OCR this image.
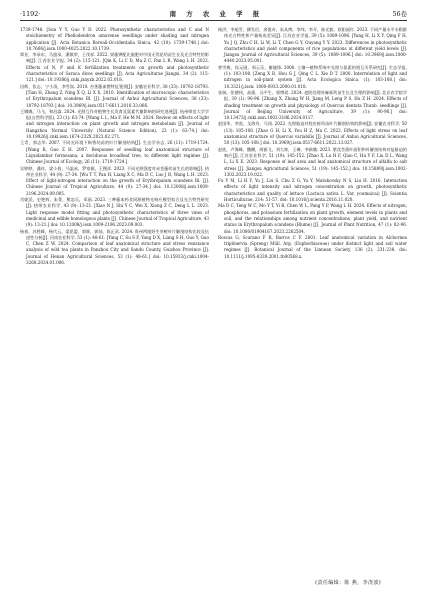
·1192·	南 方 农 业 学 报	56卷

1739-1748. [Sun Y Y, Guo Y D. 2022. Photosynthetic characteristics and C and N stoichiometry of Phellodendron amurense seedlings under shading and nitrogen application [J]. Acta Botanica Boreali-Occidentalia Sinica, 42 (10): 1739-1748.] doi: 10.7606/j.issn.1000-4025.2022.10.1739.

覃业，李承东，马盛承，潘敏荣，王茂祥. 2022. 果藤钾配比施肥对中国无忧花幼苗生长及光合特性的影响[J]. 江西农业学报, 34 (2): 115-121. [Qin K, Li C D, Ma Z C, Pan L R, Wang L H. 2022. Effects of N, P and K fertilization treatments on growth and photosynthetic characteristics of Saraca dives seedlings [J]. Acta Agriculturae Jiangxi, 34 (2): 115-121.] doi: 10.19386/j.cnki.jxnyxb.2022.02.018.

田辉，张志，宁小清，李雪岚. 2010. 杏茎藤雀猪特征鉴别[J]. 安徽农业科学, 38 (33): 18792-18793. [Tian H, Zhang Z, Ning X Q, Li X X. 2010. Identification of microscopic characteristics of Erythropalum scandens Bl. [J]. Journal of Anhui Agricultural Sciences, 38 (33): 18792-18793.] doi: 10.3969/j.issn.0517-6611.2010.33.066.

王娜娜，马飞，和昌淼. 2024. 光照互作对植物生长发育及氮素代谢影响的研究进展[J]. 杭州师范大学学报(自然科学版), 23 (1): 63-74. [Wang L L, Ma F, He M M. 2024. Review on effects of light and nitrogen interaction on plant growth and nitrogen metabolism [J]. Journal of Hangzhou Normal University (Natural Science Edition), 23 (1): 63-74.] doi: 10.19926/j.cnki.issn.1674-232X.2023.02.271.

王青，郭志华. 2007. 不同光环境下枫香幼苗的叶片解剖结构[J]. 生态学杂志, 26 (11): 1719-1724. [Wang R, Guo Z H. 2007. Responses of seedling leaf anatomical structure of Liquidambar formosana, a deciduous broadleaf tree, to different light regimes [J]. Chinese Journal of Ecology, 26 (11): 1719-1724.]

吴婷婷，潘祥，梁小春，马温承，罗家颖，王搜祥. 2023. 不同光照强度对赤苍藤幼苗生长的影响[J]. 热带农业科学, 44 (9): 27-34. [Wu T T, Pan H, Liang X C, Ma D C, Luo J R, Wang L H. 2023. Effect of light-nitrogen interaction on the growth of Erythropalum scandens Bl. [J]. Chinese Journal of Tropical Agriculture, 44 (9): 27-34.] doi: 10.12008/j.issn.1009-2196.2024.09.005.

肖妮沃，史艳辉，朱菁，熊忠乐，邓丽. 2023. 三种藤本药食同源植物光响应模型拟合及光合特性研究[J]. 热带农业科学, 43 (9): 13-21. [Xiao N J, Shi Y C, Wei X, Xiong Z C, Deng L L. 2023. Light response model fitting and photosynthetic characteristics of three vines of medicinal and edible homologous plants [J]. Chinese Journal of Tropical Agriculture, 43 (9): 13-21.] doi: 10.12008/j.issn.1009-2196.2023.09.003.

杨春，苏胜峰，杨代云，梁思盟，郭辉，郭灿，陈正武. 2024. 贵州两地野生茶树叶片解剖结构比较及抗逆性分析[J]. 河南农业科学, 53 (1): 48-61. [Yang C, Su S F, Yang D X, Liang S H, Guo Y, Guo C, Chen Z W. 2024. Comparison of leaf anatomical structure and stress resistance analysis of wild tea plants in Panzhou City and Sandu County, Guizhou Province [J]. Journal of Henan Agricultural Sciences, 53 (1): 48-61.] doi: 10.15933/j.cnki.1004-3268.2024.01.006.

杨洪，李旭雪，柳发衍，余俊奇，朱从博，李纬，李开，陈光毅，欧阳丽红. 2023. 不同产量水平水稻群体光合特性和产量构成差异[J]. 江苏农业学报, 39 (5): 1089-1096. [Yang H, Li X Y, Qing F H, Yu J Q, Zhu C H, Li W, Li T, Chen G Y, Ouyang Y Y. 2023. Differences in photosynthetic characteristics and yield components of rice populations at different yield levels [J]. Jiangsu Journal of Agricultural Sciences, 39 (5): 1089-1096.] doi: 10.3969/j.issn.1000-4440.2023.05.001.

曾雪梅，侯元刚，周云乐，谢捷锋. 2000. 土壤—植物系统中光照与氮素的相互关系研究[J]. 生态学报, (1): 103-108. [Zeng X B, Hou G J, Qing C L, Xie D T. 2000. Interrelation of light and nitrogen in soil-plant system [J]. Acta Ecologica Sinica, (1): 103-108.] doi: 10.3321/j.issn: 1000-0933.2000.01.018.

张瑞，张德伟，高强，冯平生，郭博爱. 2024. 遮阴处理对麻栎幼苗生长及生理的影响[J]. 北京农学院学报, 39 (1): 90-96. [Zhang X, Zhang W H, Jiang M, Leng P S, Hu Z H. 2024. Effects of shading treatment on growth and physiology of Quercus dentata Thunb. seedlings [J]. Journal of Beijing University of Agriculture, 39 (1): 90-96.] doi: 10.13473/j.cnki.issn.1002-3186.2024.0117.

赵国华，李黑，戈海舟，马闯. 2022. 光照胁迫对栓皮栎幼苗叶片解剖结构的影响[J]. 安徽农业科学, 50 (13): 105-108. [Zhao G H, Li X, You H Z, Ma C. 2022. Effects of light stress on leaf anatomical structure of Quercus variabilis [J]. Journal of Anhui Agricultural Sciences, 50 (13): 105-108.] doi: 10.3969/j.issn.0517-6611.2022.13.027.

赵欣，卢海峰，魏腰，胡雅飞，刘大林，王琳，李新娥. 2023. 紫花苜蓿叶面积和叶解剖结构对盐胁迫的响应[J]. 江苏农业科学, 51 (19): 145-152. [Zhao X, Lu H F, Qiao C, Hu Y F, Liu D L, Wang L, Li X E. 2023. Response of leaf area and leaf anatomical structure of alfalfa to salt stress [J]. Jiangsu Agricultural Sciences, 51 (19): 145-152.] doi: 10.15889/j.issn.1002-1302.2023.19.022.

Fu Y M, Li H Y, Yu J, Liu S, Chu Z G, Yu Y, Matukovsky N S, Liu H. 2016. Interaction effects of light intensity and nitrogen concentration on growth, photosynthetic characteristics and quality of lettuce (Lactuca sativa L. Var. youmaicai) [J]. Scientia Horticulturae, 214: 51-57. doi: 10.1016/j.scienta.2016.11.020.

Ma D C, Teng W C, Mo Y T, Yi B, Chen W L, Pang Y P, Wang L H. 2024. Effects of nitrogen, phosphorus, and potassium fertilization on plant growth, element levels in plants and soil, and the relationships among nutrient concentrations, plant yield, and nutrient status in Erythropalum scandens (Blume) [J]. Journal of Plant Nutrition, 47 (1): 82-96. doi: 10.1080/01904167.2023.2262504.

Roscas G, Scarano F R, Barros C F. 2001. Leaf anatomical variation in Alchornea triplinervia (Spreng) Müll. Arg. (Euphorbiaceae) under distinct light and soil water regimes [J]. Botanical Journal of the Linnean Society, 136 (2): 231-238. doi: 10.1111/j.1095-8339.2001.tb00568.x.

(责任编辑：陈 燕，李浇波)
